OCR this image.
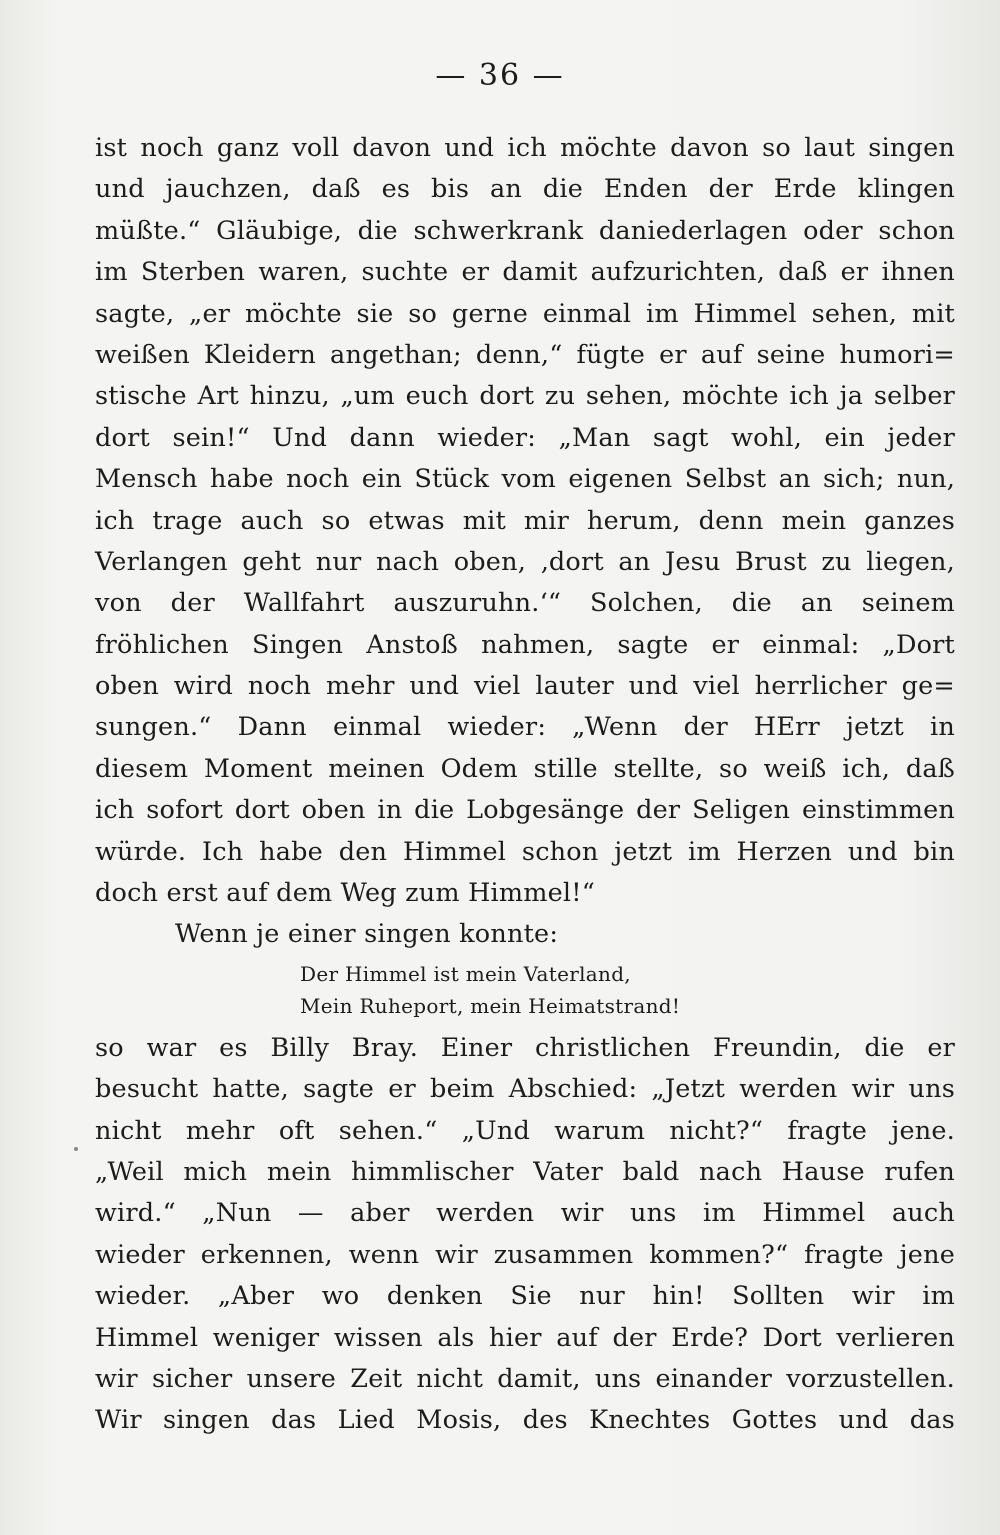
— 36 —
ist noch ganz voll davon und ich möchte davon so laut singen
und jauchzen, daß es bis an die Enden der Erde klingen
müßte.“ Gläubige, die schwerkrank daniederlagen oder schon
im Sterben waren, suchte er damit aufzurichten, daß er ihnen
sagte, „er möchte sie so gerne einmal im Himmel sehen, mit
weißen Kleidern angethan; denn,“ fügte er auf seine humori=
stische Art hinzu, „um euch dort zu sehen, möchte ich ja selber
dort sein!“ Und dann wieder: „Man sagt wohl, ein jeder
Mensch habe noch ein Stück vom eigenen Selbst an sich; nun,
ich trage auch so etwas mit mir herum, denn mein ganzes
Verlangen geht nur nach oben, ‚dort an Jesu Brust zu liegen,
von der Wallfahrt auszuruhn.‘“ Solchen, die an seinem
fröhlichen Singen Anstoß nahmen, sagte er einmal: „Dort
oben wird noch mehr und viel lauter und viel herrlicher ge=
sungen.“ Dann einmal wieder: „Wenn der HErr jetzt in
diesem Moment meinen Odem stille stellte, so weiß ich, daß
ich sofort dort oben in die Lobgesänge der Seligen einstimmen
würde. Ich habe den Himmel schon jetzt im Herzen und bin
doch erst auf dem Weg zum Himmel!“
Wenn je einer singen konnte:
Der Himmel ist mein Vaterland,
Mein Ruheport, mein Heimatstrand!
so war es Billy Bray. Einer christlichen Freundin, die er
besucht hatte, sagte er beim Abschied: „Jetzt werden wir uns
nicht mehr oft sehen.“ „Und warum nicht?“ fragte jene.
„Weil mich mein himmlischer Vater bald nach Hause rufen
wird.“ „Nun — aber werden wir uns im Himmel auch
wieder erkennen, wenn wir zusammen kommen?“ fragte jene
wieder. „Aber wo denken Sie nur hin! Sollten wir im
Himmel weniger wissen als hier auf der Erde? Dort verlieren
wir sicher unsere Zeit nicht damit, uns einander vorzustellen.
Wir singen das Lied Mosis, des Knechtes Gottes und das
